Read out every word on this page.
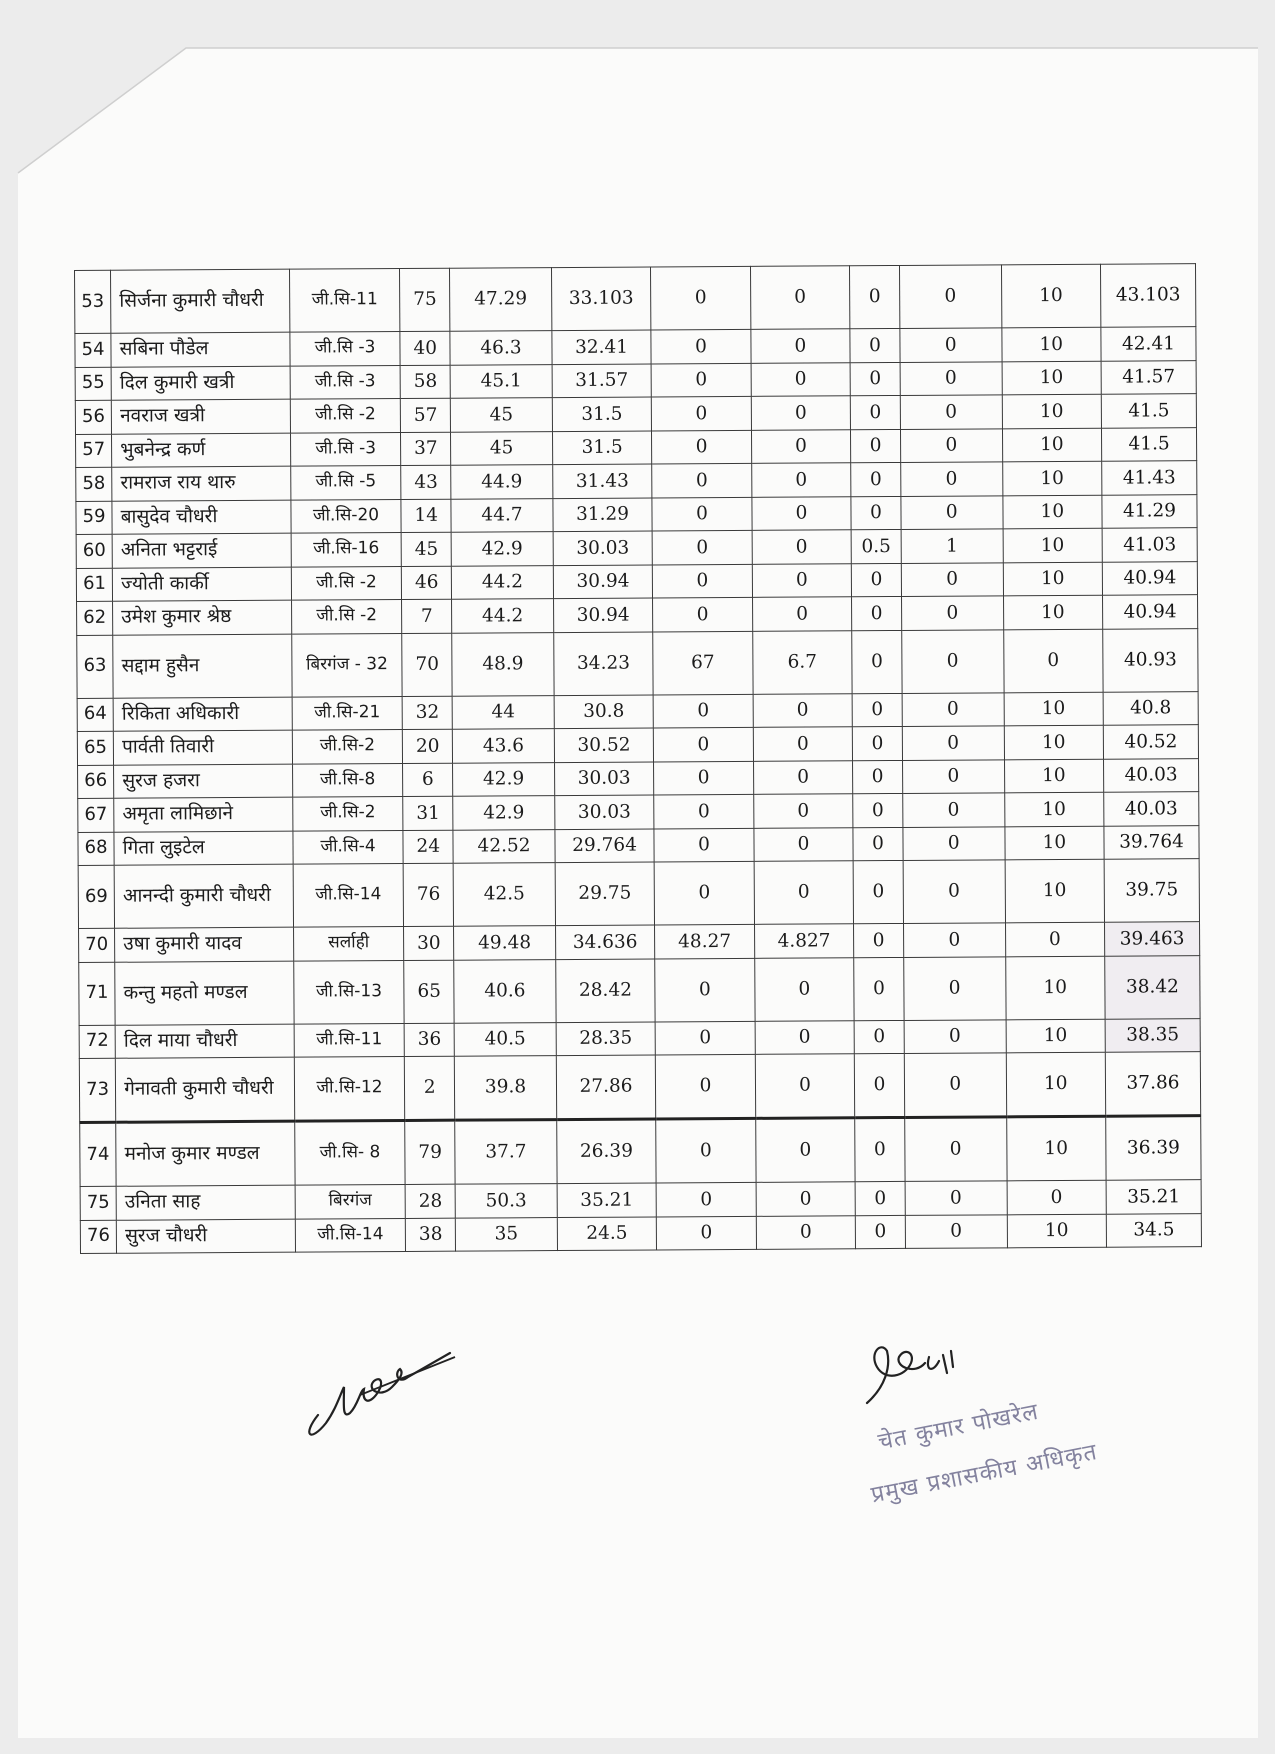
53	सिर्जना कुमारी चौधरी	जी.सि-11	75	47.29	33.103	0	0	0	0	10	43.103
54	सबिना पौडेल	जी.सि -3	40	46.3	32.41	0	0	0	0	10	42.41
55	दिल कुमारी खत्री	जी.सि -3	58	45.1	31.57	0	0	0	0	10	41.57
56	नवराज खत्री	जी.सि -2	57	45	31.5	0	0	0	0	10	41.5
57	भुबनेन्द्र कर्ण	जी.सि -3	37	45	31.5	0	0	0	0	10	41.5
58	रामराज राय थारु	जी.सि -5	43	44.9	31.43	0	0	0	0	10	41.43
59	बासुदेव चौधरी	जी.सि-20	14	44.7	31.29	0	0	0	0	10	41.29
60	अनिता भट्टराई	जी.सि-16	45	42.9	30.03	0	0	0.5	1	10	41.03
61	ज्योती कार्की	जी.सि -2	46	44.2	30.94	0	0	0	0	10	40.94
62	उमेश कुमार श्रेष्ठ	जी.सि -2	7	44.2	30.94	0	0	0	0	10	40.94
63	सद्दाम हुसैन	बिरगंज - 32	70	48.9	34.23	67	6.7	0	0	0	40.93
64	रिकिता अधिकारी	जी.सि-21	32	44	30.8	0	0	0	0	10	40.8
65	पार्वती तिवारी	जी.सि-2	20	43.6	30.52	0	0	0	0	10	40.52
66	सुरज हजरा	जी.सि-8	6	42.9	30.03	0	0	0	0	10	40.03
67	अमृता लामिछाने	जी.सि-2	31	42.9	30.03	0	0	0	0	10	40.03
68	गिता लुइटेल	जी.सि-4	24	42.52	29.764	0	0	0	0	10	39.764
69	आनन्दी कुमारी चौधरी	जी.सि-14	76	42.5	29.75	0	0	0	0	10	39.75
70	उषा कुमारी यादव	सर्लाही	30	49.48	34.636	48.27	4.827	0	0	0	39.463
71	कन्तु महतो मण्डल	जी.सि-13	65	40.6	28.42	0	0	0	0	10	38.42
72	दिल माया चौधरी	जी.सि-11	36	40.5	28.35	0	0	0	0	10	38.35
73	गेनावती कुमारी चौधरी	जी.सि-12	2	39.8	27.86	0	0	0	0	10	37.86
74	मनोज कुमार मण्डल	जी.सि- 8	79	37.7	26.39	0	0	0	0	10	36.39
75	उनिता साह	बिरगंज	28	50.3	35.21	0	0	0	0	0	35.21
76	सुरज चौधरी	जी.सि-14	38	35	24.5	0	0	0	0	10	34.5
चेत कुमार पोखरेल
प्रमुख प्रशासकीय अधिकृत
